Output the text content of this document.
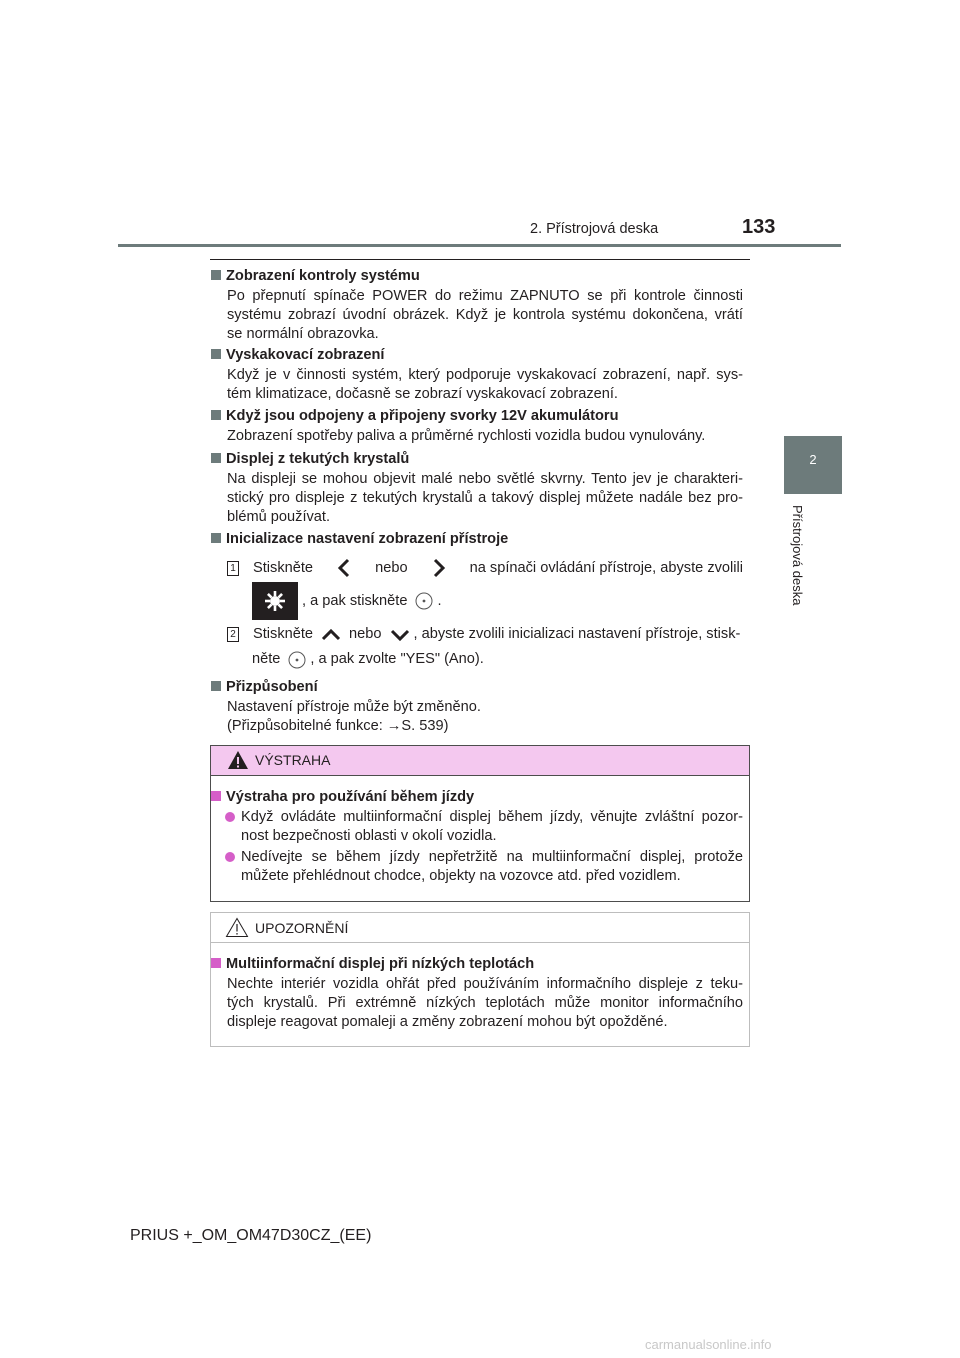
2. Přístrojová deska	133
2
Přístrojová deska
Zobrazení kontroly systému
Po přepnutí spínače POWER do režimu ZAPNUTO se při kontrole činnosti
systému zobrazí úvodní obrázek. Když je kontrola systému dokončena, vrátí
se normální obrazovka.
Vyskakovací zobrazení
Když je v činnosti systém, který podporuje vyskakovací zobrazení, např. sys-
tém klimatizace, dočasně se zobrazí vyskakovací zobrazení.
Když jsou odpojeny a připojeny svorky 12V akumulátoru
Zobrazení spotřeby paliva a průměrné rychlosti vozidla budou vynulovány.
Displej z tekutých krystalů
Na displeji se mohou objevit malé nebo světlé skvrny. Tento jev je charakteri-
stický pro displeje z tekutých krystalů a takový displej můžete nadále bez pro-
blémů používat.
Inicializace nastavení zobrazení přístroje
1 Stiskněte	nebo	na spínači ovládání přístroje, abyste zvolili
, a pak stiskněte .
2 Stiskněte nebo , abyste zvolili inicializaci nastavení přístroje, stisk-
něte , a pak zvolte "YES" (Ano).
Přizpůsobení
Nastavení přístroje může být změněno.
(Přizpůsobitelné funkce: →S. 539)
VÝSTRAHA
Výstraha pro používání během jízdy
Když ovládáte multiinformační displej během jízdy, věnujte zvláštní pozor-
nost bezpečnosti oblasti v okolí vozidla.
Nedívejte se během jízdy nepřetržitě na multiinformační displej, protože
můžete přehlédnout chodce, objekty na vozovce atd. před vozidlem.
UPOZORNĚNÍ
Multiinformační displej při nízkých teplotách
Nechte interiér vozidla ohřát před používáním informačního displeje z teku-
tých krystalů. Při extrémně nízkých teplotách může monitor informačního
displeje reagovat pomaleji a změny zobrazení mohou být opožděné.
PRIUS +_OM_OM47D30CZ_(EE)
carmanualsonline.info
